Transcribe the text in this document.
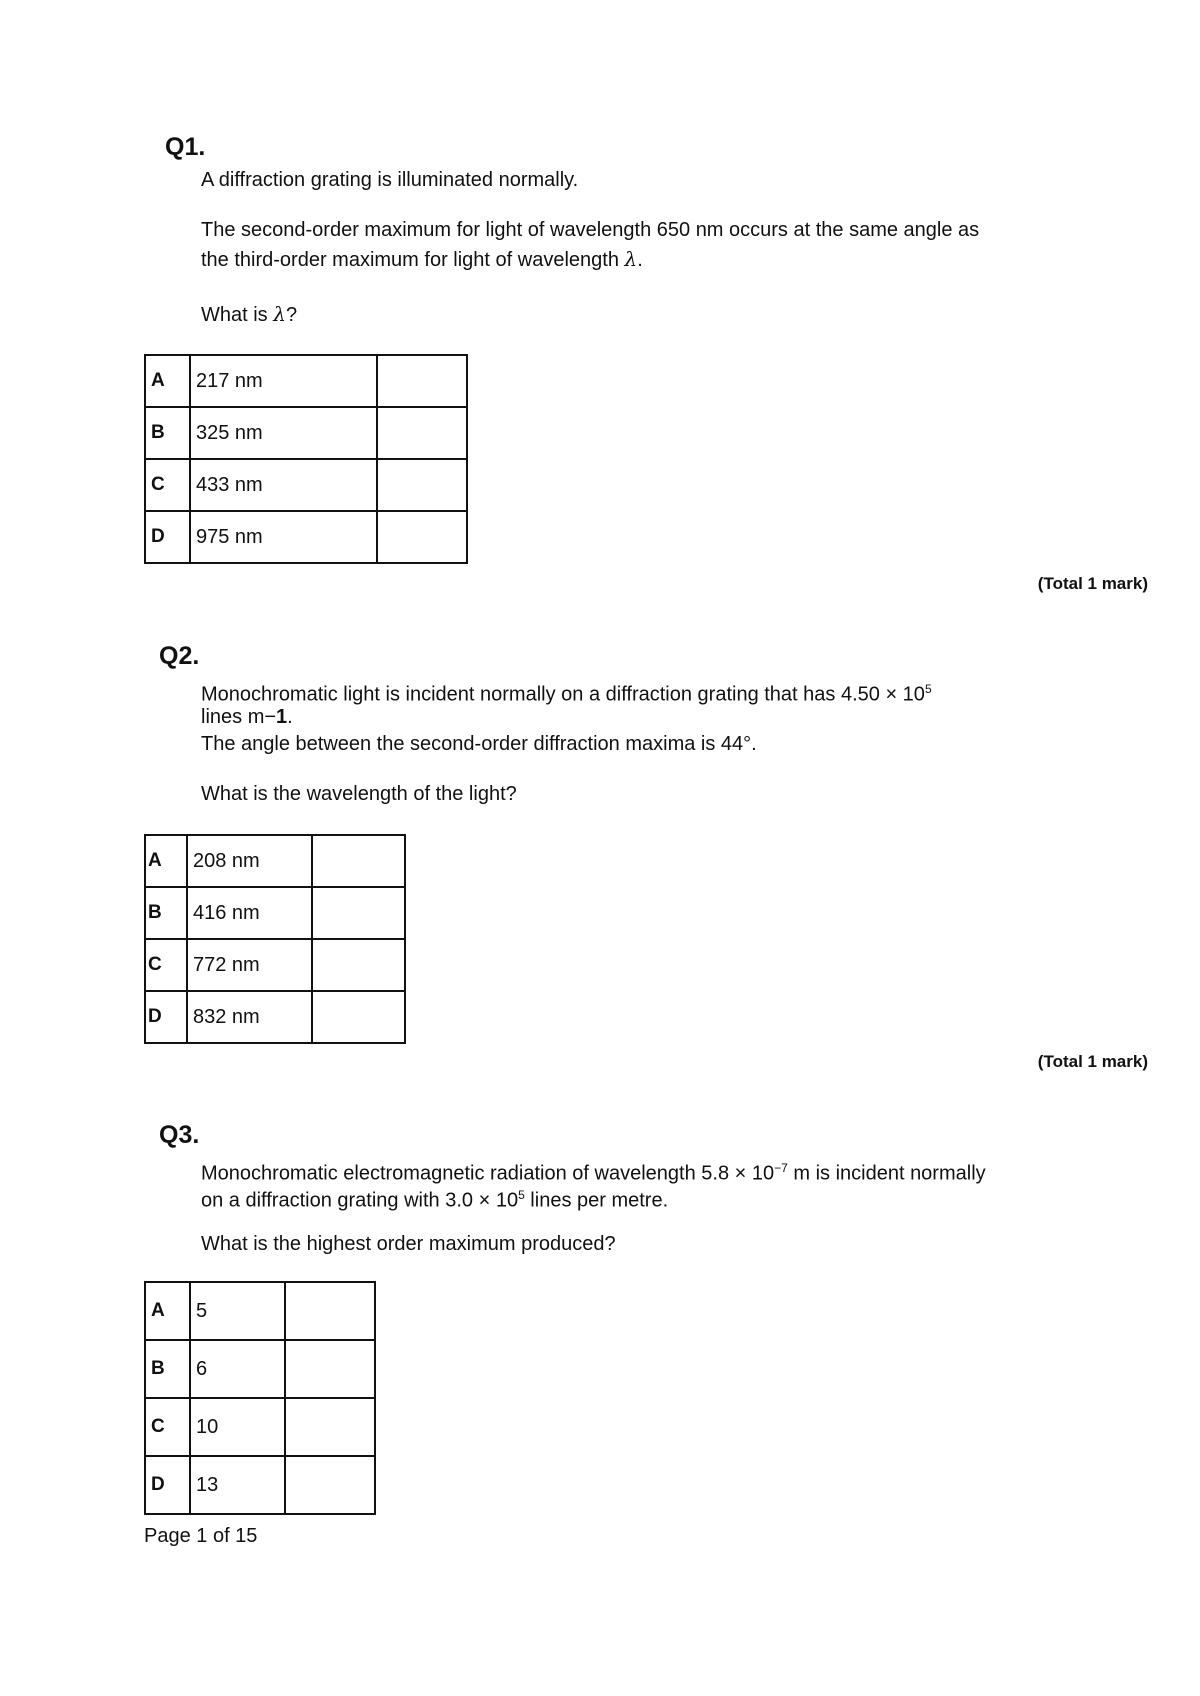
Q1.
A diffraction grating is illuminated normally.
The second-order maximum for light of wavelength 650 nm occurs at the same angle as
the third-order maximum for light of wavelength λ.
What is λ?
A	217 nm	
B	325 nm	
C	433 nm	
D	975 nm	
(Total 1 mark)
Q2.
Monochromatic light is incident normally on a diffraction grating that has $4.50 \times 10^5$
lines m−1.
The angle between the second-order diffraction maxima is 44°.
What is the wavelength of the light?
A	208 nm	
B	416 nm	
C	772 nm	
D	832 nm	
(Total 1 mark)
Q3.
Monochromatic electromagnetic radiation of wavelength $5.8 \times 10^{-7}$ m is incident normally
on a diffraction grating with $3.0 \times 10^5$ lines per metre.
What is the highest order maximum produced?
A	5	
B	6	
C	10	
D	13	
Page 1 of 15
